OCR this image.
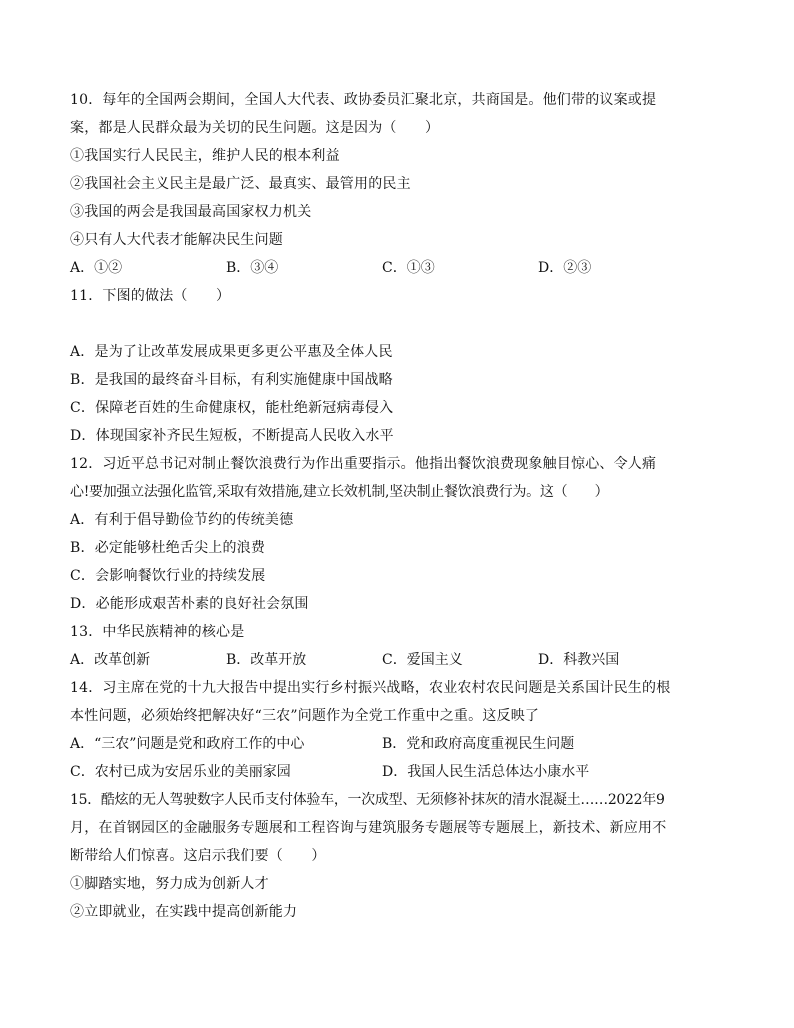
10．每年的全国两会期间，全国人大代表、政协委员汇聚北京，共商国是。他们带的议案或提
案，都是人民群众最为关切的民生问题。这是因为（　　）
①我国实行人民民主，维护人民的根本利益
②我国社会主义民主是最广泛、最真实、最管用的民主
③我国的两会是我国最高国家权力机关
④只有人大代表才能解决民生问题
A．①②	B．③④	C．①③	D．②③
11．下图的做法（　　）
A．是为了让改革发展成果更多更公平惠及全体人民
B．是我国的最终奋斗目标，有利实施健康中国战略
C．保障老百姓的生命健康权，能杜绝新冠病毒侵入
D．体现国家补齐民生短板，不断提高人民收入水平
12．习近平总书记对制止餐饮浪费行为作出重要指示。他指出餐饮浪费现象触目惊心、令人痛
心!要加强立法强化监管,采取有效措施,建立长效机制,坚决制止餐饮浪费行为。这（　　）
A．有利于倡导勤俭节约的传统美德
B．必定能够杜绝舌尖上的浪费
C．会影响餐饮行业的持续发展
D．必能形成艰苦朴素的良好社会氛围
13．中华民族精神的核心是
A．改革创新	B．改革开放	C．爱国主义	D．科教兴国
14．习主席在党的十九大报告中提出实行乡村振兴战略，农业农村农民问题是关系国计民生的根
本性问题，必须始终把解决好“三农”问题作为全党工作重中之重。这反映了
A．“三农”问题是党和政府工作的中心	B．党和政府高度重视民生问题
C．农村已成为安居乐业的美丽家园	D．我国人民生活总体达小康水平
15．酷炫的无人驾驶数字人民币支付体验车，一次成型、无须修补抹灰的清水混凝土……2022年9
月，在首钢园区的金融服务专题展和工程咨询与建筑服务专题展等专题展上，新技术、新应用不
断带给人们惊喜。这启示我们要（　　）
①脚踏实地，努力成为创新人才
②立即就业，在实践中提高创新能力
